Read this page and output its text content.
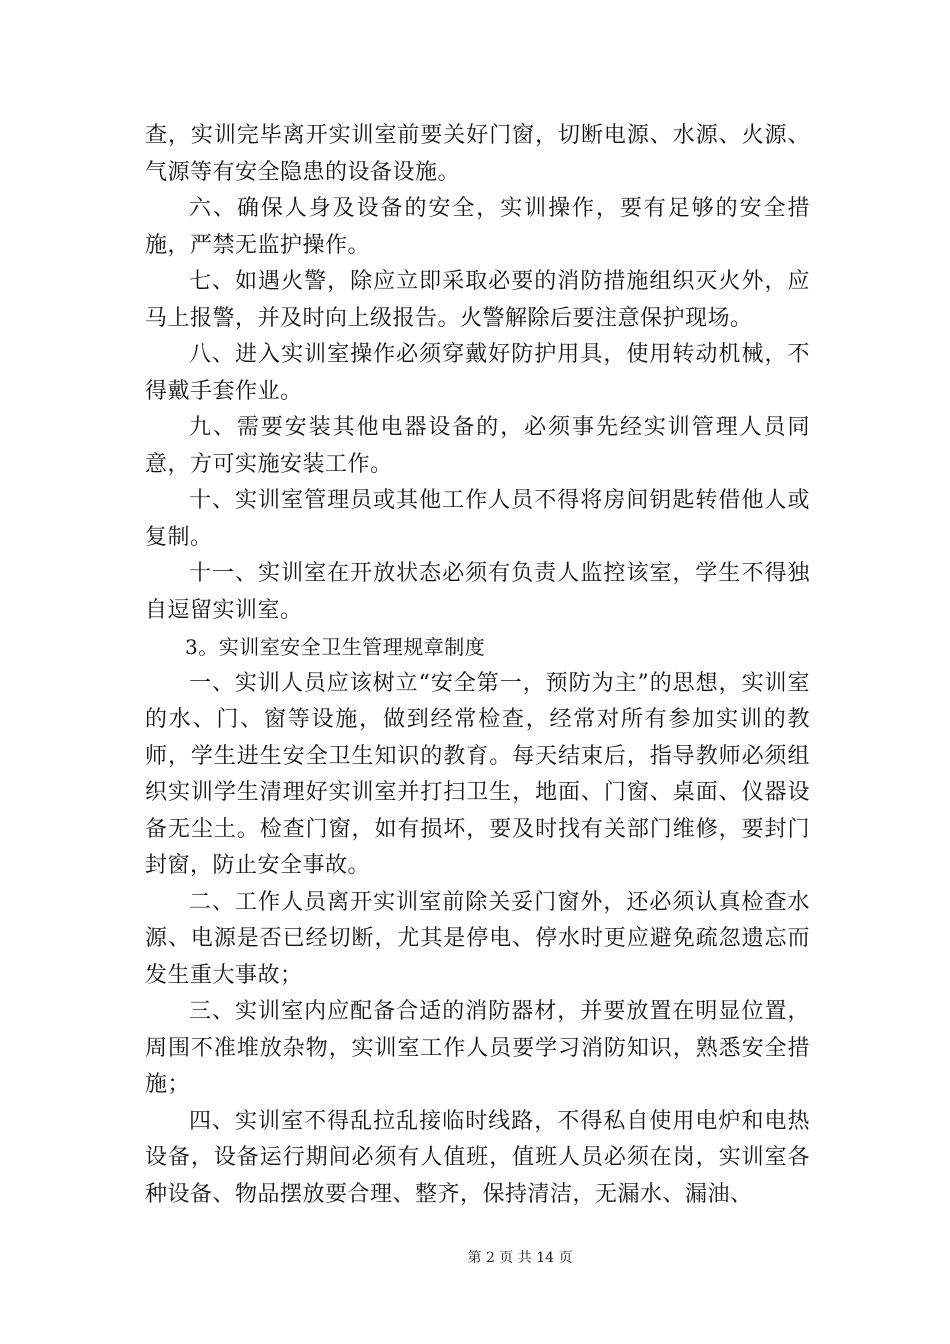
查，实训完毕离开实训室前要关好门窗，切断电源、水源、火源、气源等有安全隐患的设备设施。

六、确保人身及设备的安全，实训操作，要有足够的安全措施，严禁无监护操作。

七、如遇火警，除应立即采取必要的消防措施组织灭火外，应马上报警，并及时向上级报告。火警解除后要注意保护现场。

八、进入实训室操作必须穿戴好防护用具，使用转动机械，不得戴手套作业。

九、需要安装其他电器设备的，必须事先经实训管理人员同意，方可实施安装工作。

十、实训室管理员或其他工作人员不得将房间钥匙转借他人或复制。

十一、实训室在开放状态必须有负责人监控该室，学生不得独自逗留实训室。

3。实训室安全卫生管理规章制度

一、实训人员应该树立“安全第一，预防为主”的思想，实训室的水、门、窗等设施，做到经常检查，经常对所有参加实训的教师，学生进生安全卫生知识的教育。每天结束后，指导教师必须组织实训学生清理好实训室并打扫卫生，地面、门窗、桌面、仪器设备无尘土。检查门窗，如有损坏，要及时找有关部门维修，要封门封窗，防止安全事故。

二、工作人员离开实训室前除关妥门窗外，还必须认真检查水源、电源是否已经切断，尤其是停电、停水时更应避免疏忽遗忘而发生重大事故；

三、实训室内应配备合适的消防器材，并要放置在明显位置，周围不准堆放杂物，实训室工作人员要学习消防知识，熟悉安全措施；

四、实训室不得乱拉乱接临时线路，不得私自使用电炉和电热设备，设备运行期间必须有人值班，值班人员必须在岗，实训室各种设备、物品摆放要合理、整齐，保持清洁，无漏水、漏油、

第 2 页 共 14 页
